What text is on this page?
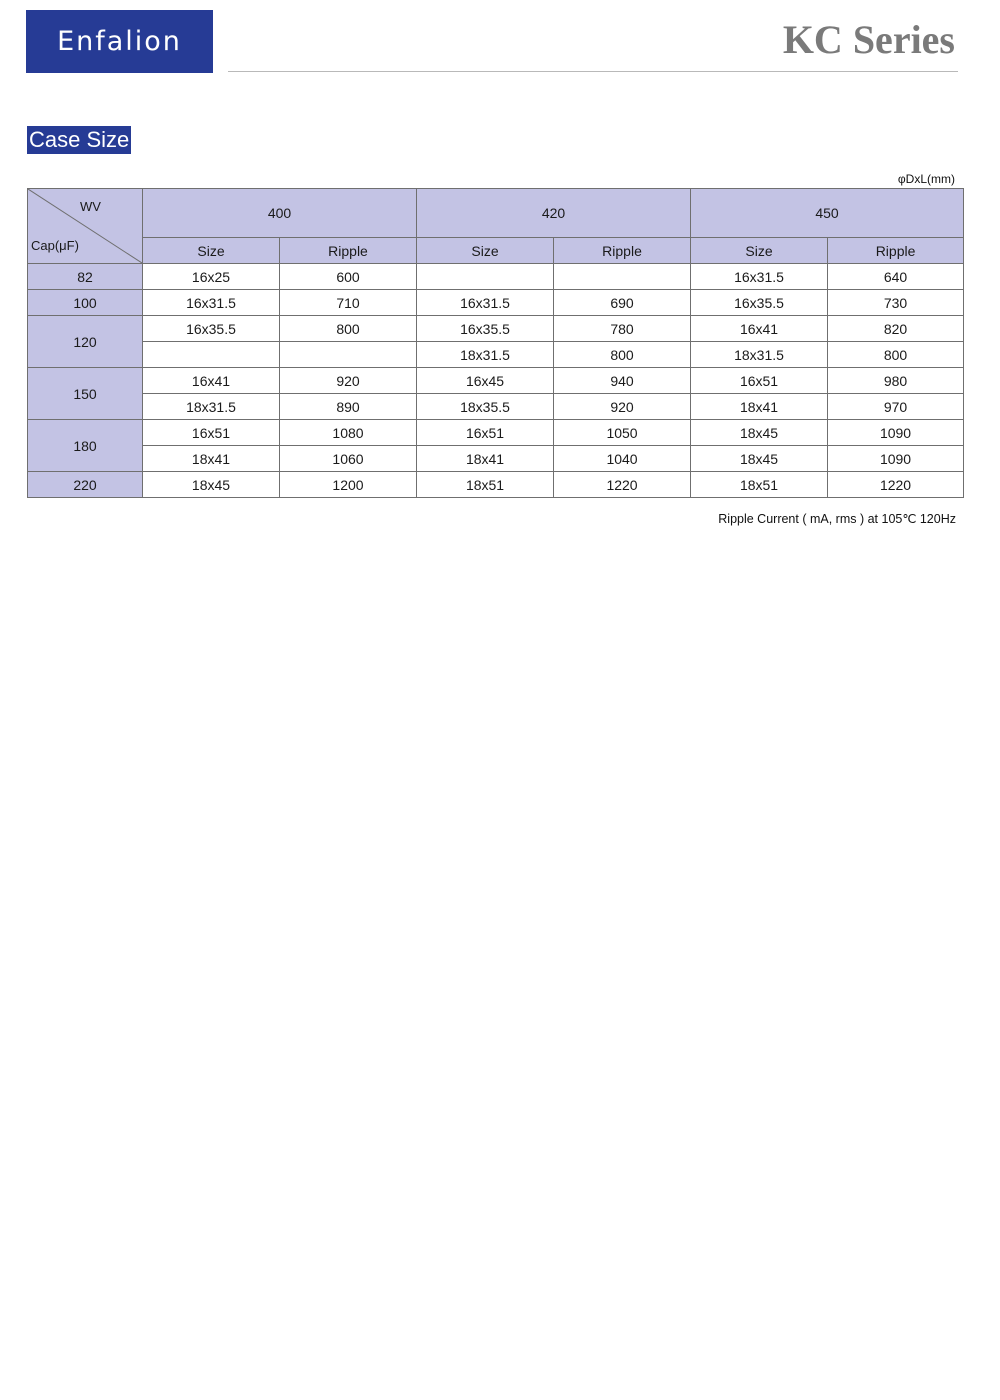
Enfalion	KC Series
Case Size
φDxL(mm)
WV
Cap(μF)	400		420		450	
	Size	Ripple	Size	Ripple	Size	Ripple
82	16x25	600			16x31.5	640
100	16x31.5	710	16x31.5	690	16x35.5	730
120	16x35.5	800	16x35.5	780	16x41	820
			18x31.5	800	18x31.5	800
150	16x41	920	16x45	940	16x51	980
	18x31.5	890	18x35.5	920	18x41	970
180	16x51	1080	16x51	1050	18x45	1090
	18x41	1060	18x41	1040	18x45	1090
220	18x45	1200	18x51	1220	18x51	1220
Ripple Current ( mA, rms ) at 105℃ 120Hz
